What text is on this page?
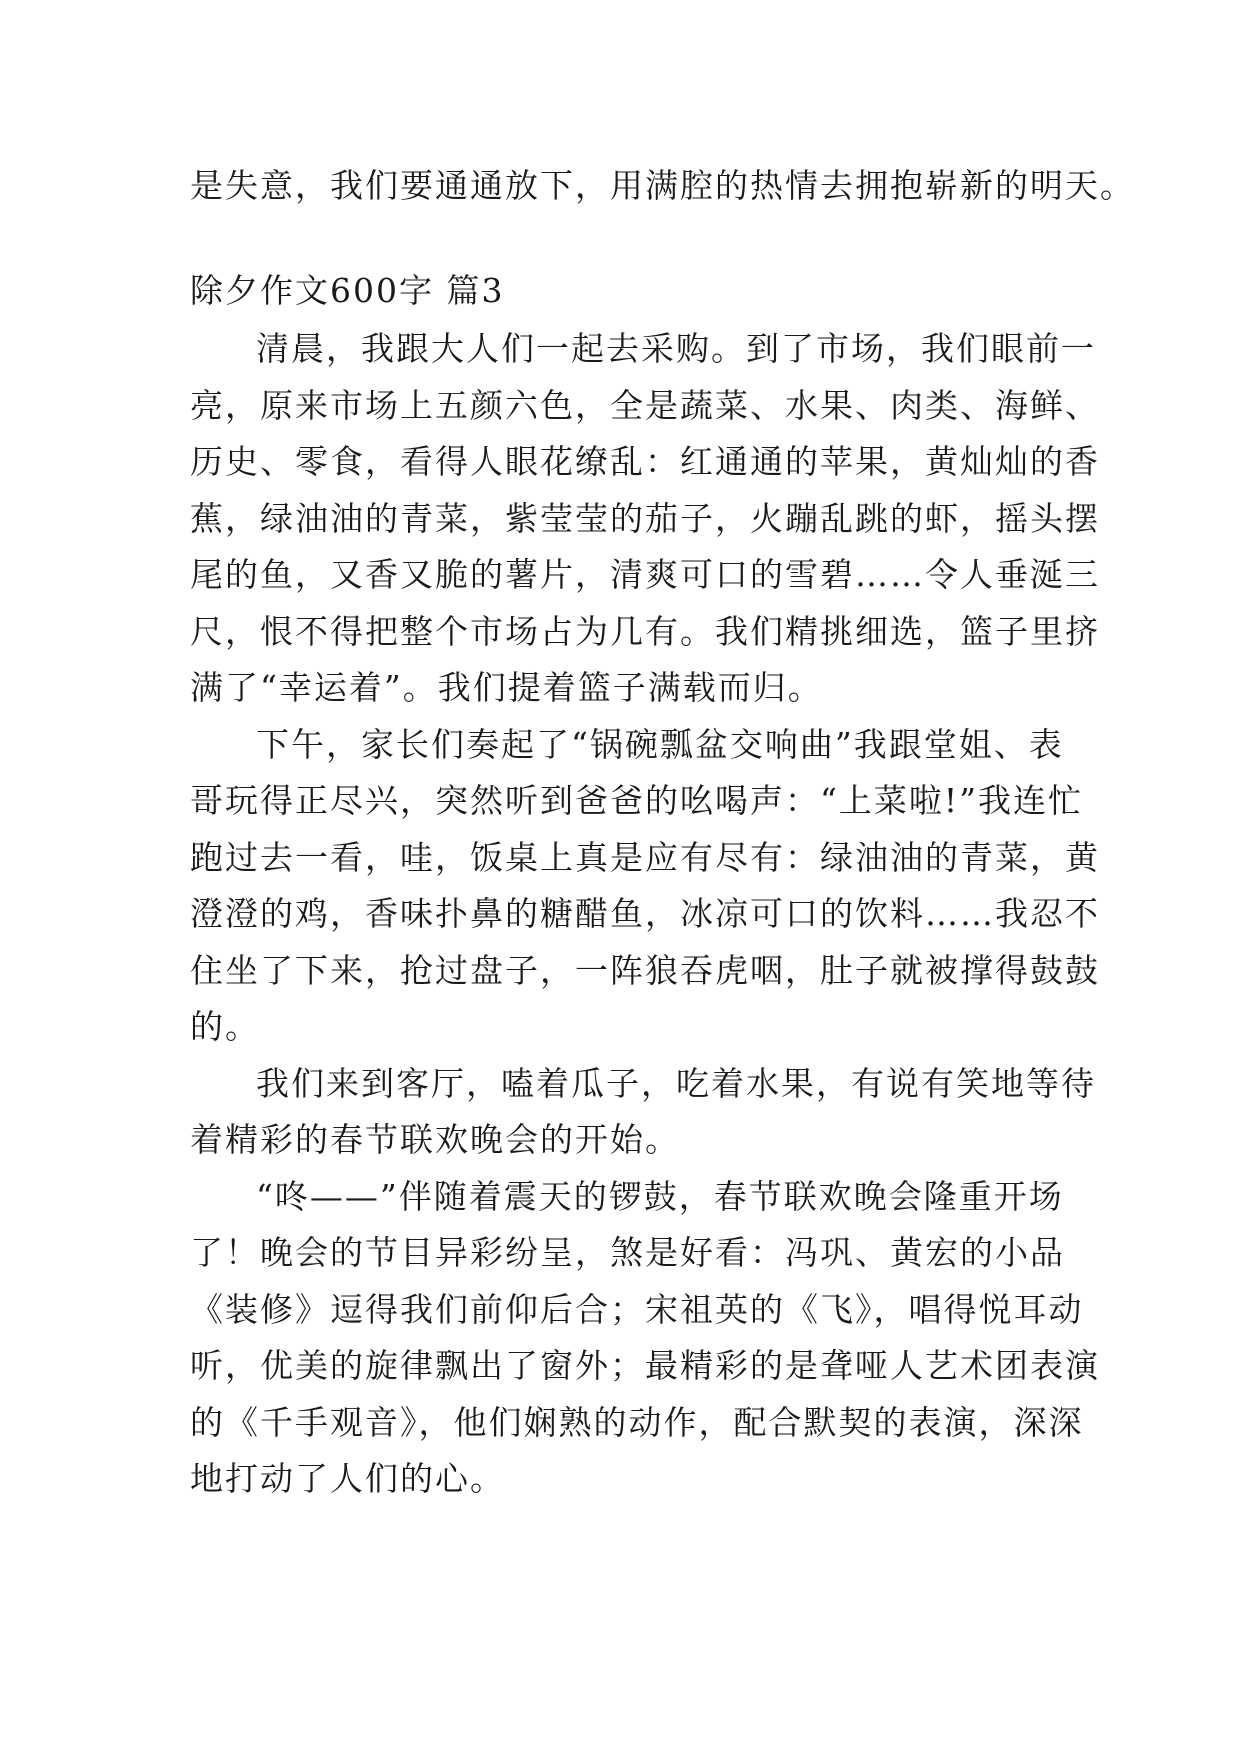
是失意，我们要通通放下，用满腔的热情去拥抱崭新的明天。
除夕作文600字 篇3
清晨，我跟大人们一起去采购。到了市场，我们眼前一
亮，原来市场上五颜六色，全是蔬菜、水果、肉类、海鲜、
历史、零食，看得人眼花缭乱：红通通的苹果，黄灿灿的香
蕉，绿油油的青菜，紫莹莹的茄子，火蹦乱跳的虾，摇头摆
尾的鱼，又香又脆的薯片，清爽可口的雪碧……令人垂涎三
尺，恨不得把整个市场占为几有。我们精挑细选，篮子里挤
满了“幸运着”。我们提着篮子满载而归。
下午，家长们奏起了“锅碗瓢盆交响曲”我跟堂姐、表
哥玩得正尽兴，突然听到爸爸的吆喝声：“上菜啦!”我连忙
跑过去一看，哇，饭桌上真是应有尽有：绿油油的青菜，黄
澄澄的鸡，香味扑鼻的糖醋鱼，冰凉可口的饮料……我忍不
住坐了下来，抢过盘子，一阵狼吞虎咽，肚子就被撑得鼓鼓
的。
我们来到客厅，嗑着瓜子，吃着水果，有说有笑地等待
着精彩的春节联欢晚会的开始。
“咚——”伴随着震天的锣鼓，春节联欢晚会隆重开场
了！晚会的节目异彩纷呈，煞是好看：冯巩、黄宏的小品
《装修》逗得我们前仰后合；宋祖英的《飞》，唱得悦耳动
听，优美的旋律飘出了窗外；最精彩的是聋哑人艺术团表演
的《千手观音》，他们娴熟的动作，配合默契的表演，深深
地打动了人们的心。
